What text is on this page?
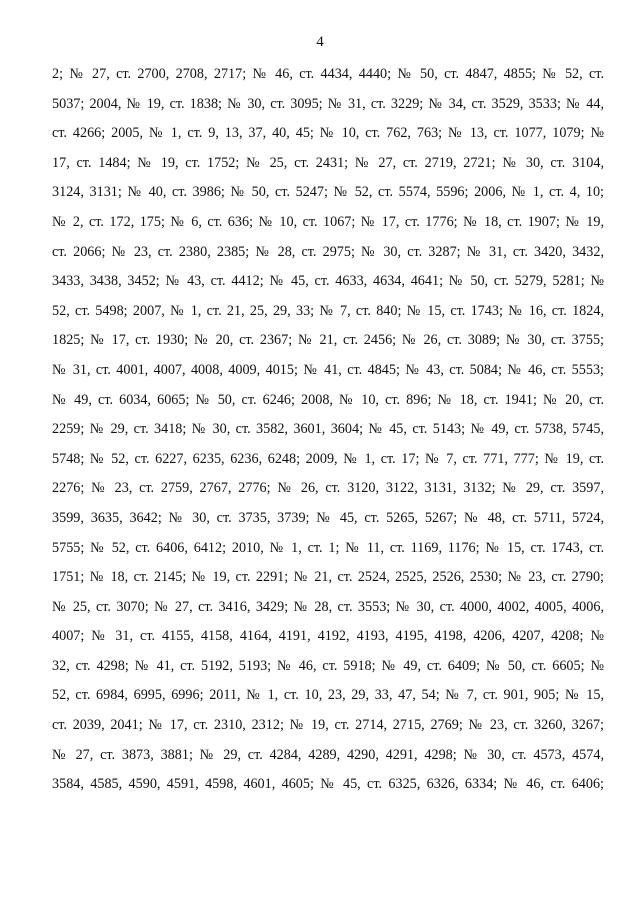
4
2; № 27, ст. 2700, 2708, 2717; № 46, ст. 4434, 4440; № 50, ст. 4847, 4855; № 52, ст.
5037; 2004, № 19, ст. 1838; № 30, ст. 3095; № 31, ст. 3229; № 34, ст. 3529, 3533; № 44,
ст. 4266; 2005, № 1, ст. 9, 13, 37, 40, 45; № 10, ст. 762, 763; № 13, ст. 1077, 1079; №
17, ст. 1484; № 19, ст. 1752; № 25, ст. 2431; № 27, ст. 2719, 2721; № 30, ст. 3104,
3124, 3131; № 40, ст. 3986; № 50, ст. 5247; № 52, ст. 5574, 5596; 2006, № 1, ст. 4, 10;
№ 2, ст. 172, 175; № 6, ст. 636; № 10, ст. 1067; № 17, ст. 1776; № 18, ст. 1907; № 19,
ст. 2066; № 23, ст. 2380, 2385; № 28, ст. 2975; № 30, ст. 3287; № 31, ст. 3420, 3432,
3433, 3438, 3452; № 43, ст. 4412; № 45, ст. 4633, 4634, 4641; № 50, ст. 5279, 5281; №
52, ст. 5498; 2007, № 1, ст. 21, 25, 29, 33; № 7, ст. 840; № 15, ст. 1743; № 16, ст. 1824,
1825; № 17, ст. 1930; № 20, ст. 2367; № 21, ст. 2456; № 26, ст. 3089; № 30, ст. 3755;
№ 31, ст. 4001, 4007, 4008, 4009, 4015; № 41, ст. 4845; № 43, ст. 5084; № 46, ст. 5553;
№ 49, ст. 6034, 6065; № 50, ст. 6246; 2008, № 10, ст. 896; № 18, ст. 1941; № 20, ст.
2259; № 29, ст. 3418; № 30, ст. 3582, 3601, 3604; № 45, ст. 5143; № 49, ст. 5738, 5745,
5748; № 52, ст. 6227, 6235, 6236, 6248; 2009, № 1, ст. 17; № 7, ст. 771, 777; № 19, ст.
2276; № 23, ст. 2759, 2767, 2776; № 26, ст. 3120, 3122, 3131, 3132; № 29, ст. 3597,
3599, 3635, 3642; № 30, ст. 3735, 3739; № 45, ст. 5265, 5267; № 48, ст. 5711, 5724,
5755; № 52, ст. 6406, 6412; 2010, № 1, ст. 1; № 11, ст. 1169, 1176; № 15, ст. 1743, ст.
1751; № 18, ст. 2145; № 19, ст. 2291; № 21, ст. 2524, 2525, 2526, 2530; № 23, ст. 2790;
№ 25, ст. 3070; № 27, ст. 3416, 3429; № 28, ст. 3553; № 30, ст. 4000, 4002, 4005, 4006,
4007; № 31, ст. 4155, 4158, 4164, 4191, 4192, 4193, 4195, 4198, 4206, 4207, 4208; №
32, ст. 4298; № 41, ст. 5192, 5193; № 46, ст. 5918; № 49, ст. 6409; № 50, ст. 6605; №
52, ст. 6984, 6995, 6996; 2011, № 1, ст. 10, 23, 29, 33, 47, 54; № 7, ст. 901, 905; № 15,
ст. 2039, 2041; № 17, ст. 2310, 2312; № 19, ст. 2714, 2715, 2769; № 23, ст. 3260, 3267;
№ 27, ст. 3873, 3881; № 29, ст. 4284, 4289, 4290, 4291, 4298; № 30, ст. 4573, 4574,
3584, 4585, 4590, 4591, 4598, 4601, 4605; № 45, ст. 6325, 6326, 6334; № 46, ст. 6406;
